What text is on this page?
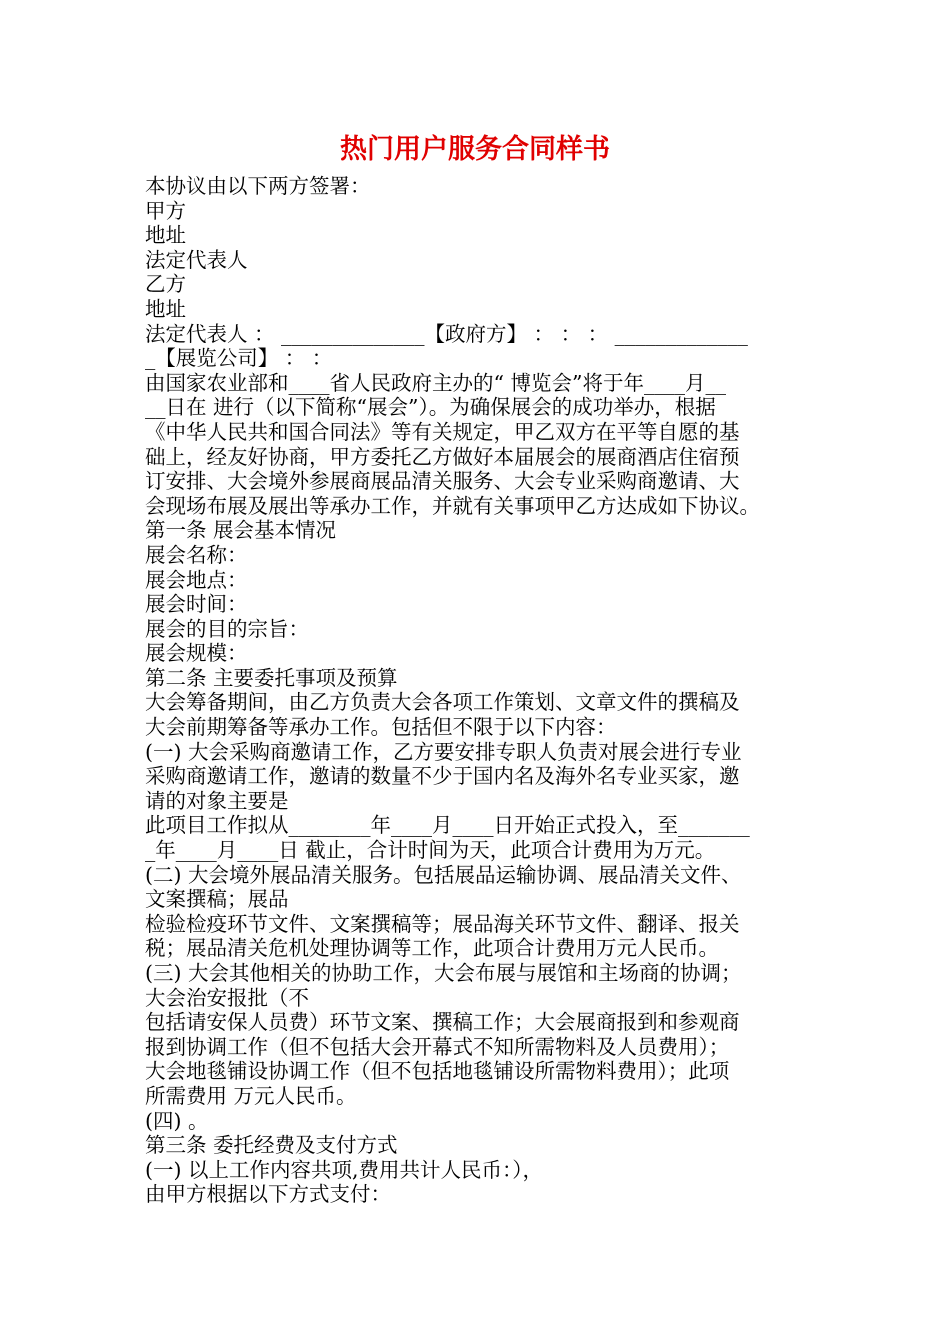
热门用户服务合同样书
本协议由以下两方签署：
甲方
地址
法定代表人
乙方
地址
法定代表人 ： ______________【政府方】 ： ： ： _____________
_【展览公司】 ： ：
由国家农业部和____省人民政府主办的“ 博览会”将于年____月__
__日在 进行（以下简称“展会”）。为确保展会的成功举办，根据
《中华人民共和国合同法》等有关规定，甲乙双方在平等自愿的基
础上，经友好协商，甲方委托乙方做好本届展会的展商酒店住宿预
订安排、大会境外参展商展品清关服务、大会专业采购商邀请、大
会现场布展及展出等承办工作，并就有关事项甲乙方达成如下协议。
第一条 展会基本情况
展会名称：
展会地点：
展会时间：
展会的目的宗旨：
展会规模：
第二条 主要委托事项及预算
大会筹备期间，由乙方负责大会各项工作策划、文章文件的撰稿及
大会前期筹备等承办工作。包括但不限于以下内容：
(一) 大会采购商邀请工作，乙方要安排专职人负责对展会进行专业
采购商邀请工作，邀请的数量不少于国内名及海外名专业买家，邀
请的对象主要是
此项目工作拟从________年____月____日开始正式投入，至_______
_年____月____日 截止，合计时间为天，此项合计费用为万元。
(二) 大会境外展品清关服务。包括展品运输协调、展品清关文件、
文案撰稿；展品
检验检疫环节文件、文案撰稿等；展品海关环节文件、翻译、报关
税；展品清关危机处理协调等工作，此项合计费用万元人民币。
(三) 大会其他相关的协助工作，大会布展与展馆和主场商的协调；
大会治安报批（不
包括请安保人员费）环节文案、撰稿工作；大会展商报到和参观商
报到协调工作（但不包括大会开幕式不知所需物料及人员费用）；
大会地毯铺设协调工作（但不包括地毯铺设所需物料费用）；此项
所需费用 万元人民币。
(四) 。
第三条 委托经费及支付方式
(一) 以上工作内容共项,费用共计人民币：），
由甲方根据以下方式支付：
